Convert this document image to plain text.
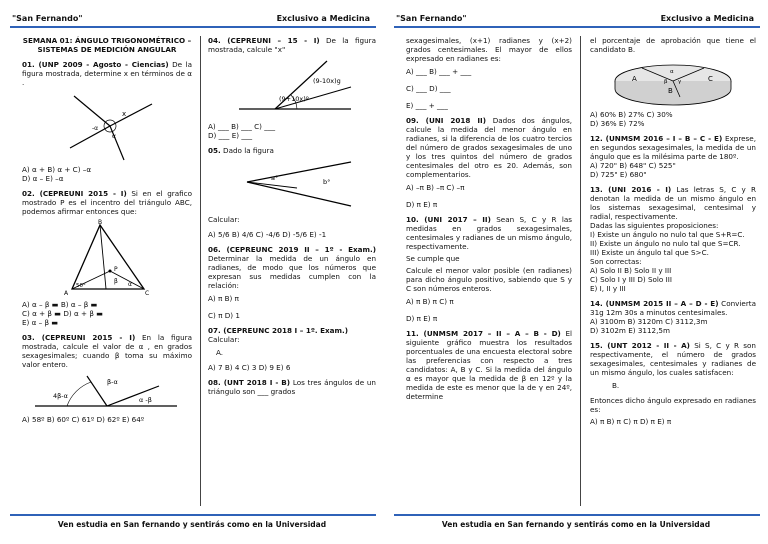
"San Fernando"	Exclusivo a Medicina
SEMANA 01: ÁNGULO TRIGONOMÉTRICO – SISTEMAS DE MEDICIÓN ANGULAR
01. (UNP 2009 - Agosto - Ciencias) De la figura mostrada, determine x en términos de α .
x
-α
α
A) α + B) α + C) –α
D) α – E) –α
02. (CEPREUNI 2015 - I) Si en el grafico mostrado P es el incentro del triángulo ABC, podemos afirmar entonces que:
B
P
A	C
50°
β α
A) α – β ▬ B) α – β ▬
C) α + β ▬ D) α + β ▬
E) α – β ▬
03. (CEPREUNI 2015 - I) En la figura mostrada, calcule el valor de α , en grados sexagesimales; cuando β toma su máximo valor entero.
4β-α
β-α
α -β
A) 58º B) 60º C) 61º D) 62º E) 64º
04. (CEPREUNI – 15 - I) De la figura mostrada, calcule "x"
(9+10x)º
(9-10x)g
A) ___ B) ___ C) ___
D) ___ E) ___
05. Dado la figura
a°	b°
Calcular:
A) 5/6 B) 4/6 C) -4/6 D) -5/6 E) -1
06. (CEPREUNC 2019 II – 1º - Exam.) Determinar la medida de un ángulo en radianes, de modo que los números que expresan sus medidas cumplen con la relación:
A) π B) π
C) π D) 1
07. (CEPREUNC 2018 I – 1º. Exam.)
Calcular:
A.
A) 7 B) 4 C) 3 D) 9 E) 6
08. (UNT 2018 I - B) Los tres ángulos de un triángulo son ___ grados
Ven estudia en San fernando y sentirás como en la Universidad
"San Fernando"	Exclusivo a Medicina
sexagesimales, (x+1) radianes y (x+2) grados centesimales. El mayor de ellos expresado en radianes es:
A) ___ B) ___ + ___
C) ___ D) ___
E) ___ + ___
09. (UNI 2018 II) Dados dos ángulos, calcule la medida del menor ángulo en radianes, si la diferencia de los cuatro tercios del número de grados sexagesimales de uno y los tres quintos del número de grados centesimales del otro es 20. Además, son complementarios.
A) –π B) –π C) –π
D) π E) π
10. (UNI 2017 – II) Sean S, C y R las medidas en grados sexagesimales, centesimales y radianes de un mismo ángulo, respectivamente.
Se cumple que
Calcule el menor valor posible (en radianes) para dicho ángulo positivo, sabiendo que S y C son números enteros.
A) π B) π C) π
D) π E) π
11. (UNMSM 2017 – II – A – B - D) El siguiente gráfico muestra los resultados porcentuales de una encuesta electoral sobre las preferencias con respecto a tres candidatos: A, B y C. Si la medida del ángulo α es mayor que la medida de β en 12º y la medida de este es menor que la de γ en 24º, determine
el porcentaje de aprobación que tiene el candidato B.
A
B
C
α
β γ
A) 60% B) 27% C) 30%
D) 36% E) 72%
12. (UNMSM 2016 – I – B – C - E) Exprese, en segundos sexagesimales, la medida de un ángulo que es la milésima parte de 180º.
A) 720" B) 648" C) 525"
D) 725" E) 680"
13. (UNI 2016 - I) Las letras S, C y R denotan la medida de un mismo ángulo en los sistemas sexagesimal, centesimal y radial, respectivamente.
Dadas las siguientes proposiciones:
I) Existe un ángulo no nulo tal que S+R=C.
II) Existe un ángulo no nulo tal que S=CR.
III) Existe un ángulo tal que S>C.
Son correctas:
A) Solo II B) Solo II y III
C) Solo I y III D) Solo III
E) I, II y III
14. (UNMSM 2015 II – A – D - E) Convierta 31g 12m 30s a minutos centesimales.
A) 3100m B) 3120m C) 3112,3m
D) 3102m E) 3112,5m
15. (UNT 2012 - II - A) Si S, C y R son respectivamente, el número de grados sexagesimales, centesimales y radianes de un mismo ángulo, los cuales satisfacen:
B.
Entonces dicho ángulo expresado en radianes es:
A) π B) π C) π D) π E) π
Ven estudia en San fernando y sentirás como en la Universidad
